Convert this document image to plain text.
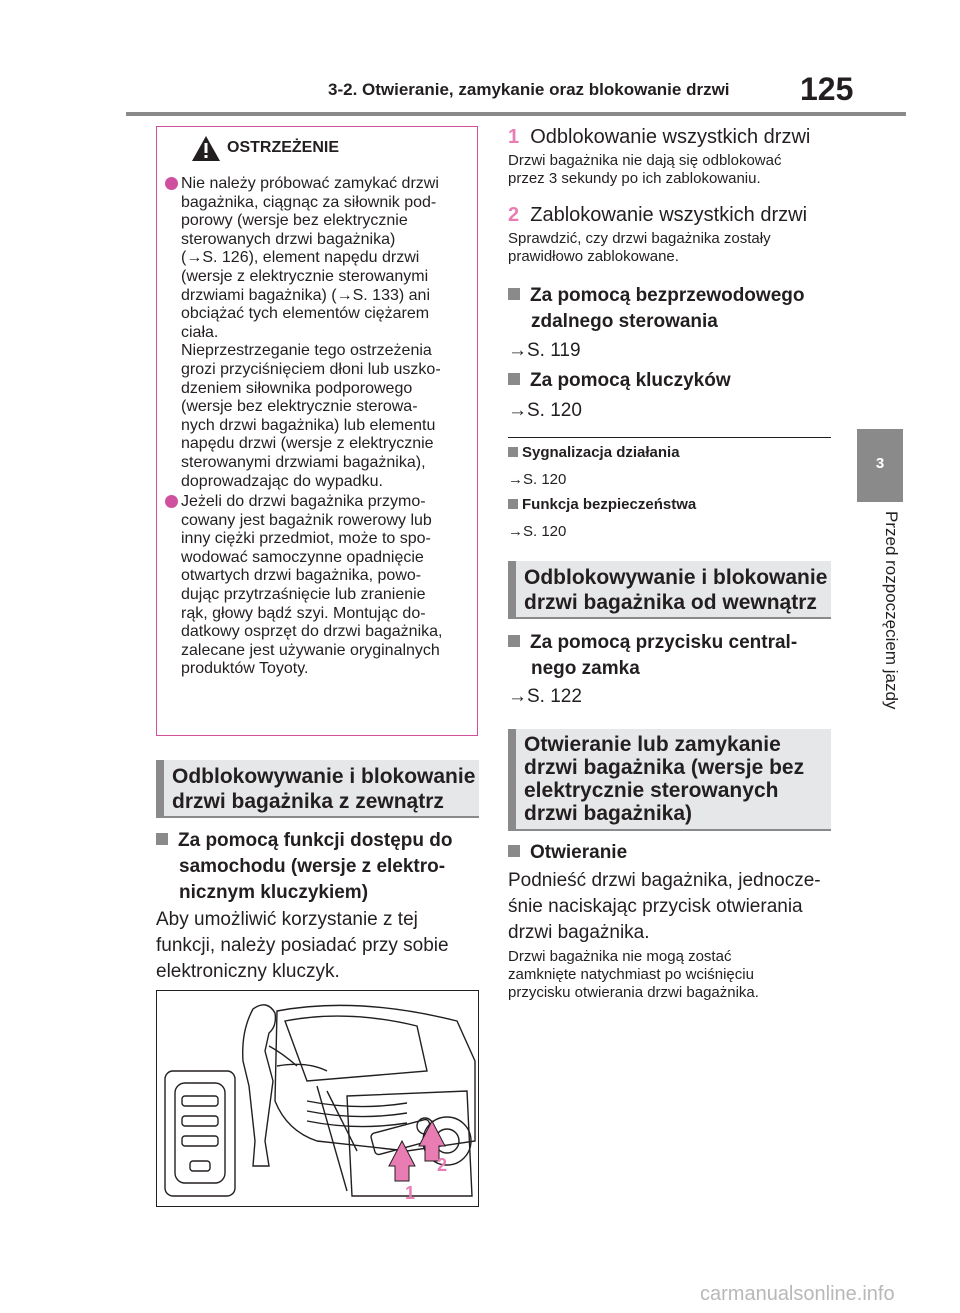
3-2. Otwieranie, zamykanie oraz blokowanie drzwi 125
3
Przed rozpoczęciem jazdy
OSTRZEŻENIE
Nie należy próbować zamykać drzwi
bagażnika, ciągnąc za siłownik pod-
porowy (wersje bez elektrycznie
sterowanych drzwi bagażnika)
(→S. 126), element napędu drzwi
(wersje z elektrycznie sterowanymi
drzwiami bagażnika) (→S. 133) ani
obciążać tych elementów ciężarem
ciała.
Nieprzestrzeganie tego ostrzeżenia
grozi przyciśnięciem dłoni lub uszko-
dzeniem siłownika podporowego
(wersje bez elektrycznie sterowa-
nych drzwi bagażnika) lub elementu
napędu drzwi (wersje z elektrycznie
sterowanymi drzwiami bagażnika),
doprowadzając do wypadku.
Jeżeli do drzwi bagażnika przymo-
cowany jest bagażnik rowerowy lub
inny ciężki przedmiot, może to spo-
wodować samoczynne opadnięcie
otwartych drzwi bagażnika, powo-
dując przytrzaśnięcie lub zranienie
rąk, głowy bądź szyi. Montując do-
datkowy osprzęt do drzwi bagażnika,
zalecane jest używanie oryginalnych
produktów Toyoty.
Odblokowywanie i blokowanie
drzwi bagażnika z zewnątrz
Za pomocą funkcji dostępu do
samochodu (wersje z elektro-
nicznym kluczykiem)
Aby umożliwić korzystanie z tej
funkcji, należy posiadać przy sobie
elektroniczny kluczyk.
1
2
1 Odblokowanie wszystkich drzwi
Drzwi bagażnika nie dają się odblokować
przez 3 sekundy po ich zablokowaniu.
2 Zablokowanie wszystkich drzwi
Sprawdzić, czy drzwi bagażnika zostały
prawidłowo zablokowane.
Za pomocą bezprzewodowego
zdalnego sterowania
→S. 119
Za pomocą kluczyków
→S. 120
Sygnalizacja działania
→S. 120
Funkcja bezpieczeństwa
→S. 120
Odblokowywanie i blokowanie
drzwi bagażnika od wewnątrz
Za pomocą przycisku central-
nego zamka
→S. 122
Otwieranie lub zamykanie
drzwi bagażnika (wersje bez
elektrycznie sterowanych
drzwi bagażnika)
Otwieranie
Podnieść drzwi bagażnika, jednocze-
śnie naciskając przycisk otwierania
drzwi bagażnika.
Drzwi bagażnika nie mogą zostać
zamknięte natychmiast po wciśnięciu
przycisku otwierania drzwi bagażnika.
carmanualsonline.info
